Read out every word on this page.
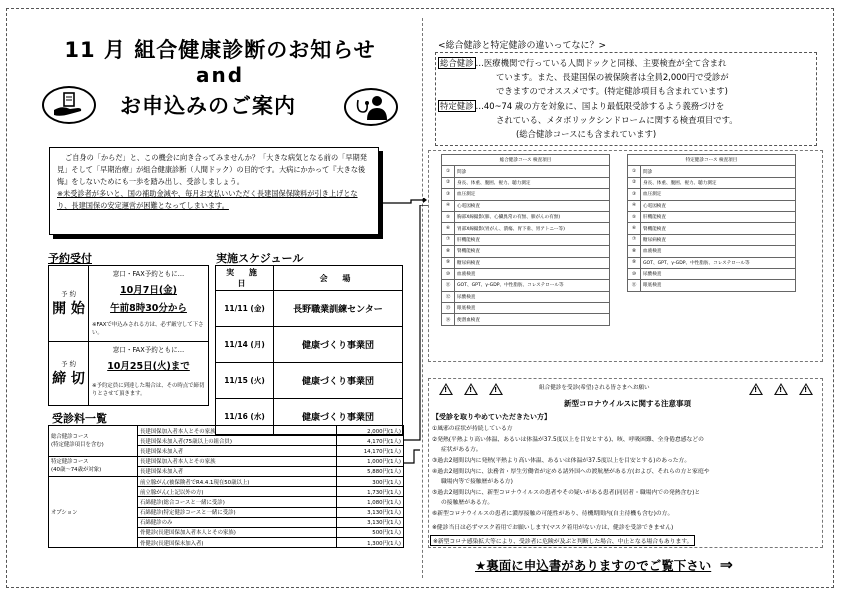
11 月 組合健康診断のお知らせ
and
お申込みのご案内

ご自身の「からだ」と、この機会に向き合ってみませんか？「大きな病気となる前の「早期発見」そして「早期治療」が組合健康診断（人間ドック）の目的です。大病にかかって『大きな後悔』をしないためにも一歩を踏み出し、受診しましょう。

※未受診者が多いと、国の補助金減や、毎月お支払いいただく長建国保保険料が引き上げとなり、長建国保の安定運営が困難となってしまいます。

予約受付
予 約
開 始	窓口・FAX予約ともに…
	10月7日(金)
	午前8時30分から
	※FAXで申込みされる方は、必ず厳守して下さい。

予 約
締 切	窓口・FAX予約ともに…
	10月25日(火)まで
	※予約定員に到達した場合は、その時点で締切りとさせて頂きます。
実施スケジュール
実 施 日	会 場
11/11 (金)	長野職業訓練センター
11/14 (月)	健康づくり事業団
11/15 (火)	健康づくり事業団
11/16 (水)	健康づくり事業団
受診料一覧
総合健診コース
(特定健診項目を含む)	長建国保加入者本人とその家族	2,000円(1人)
	長建国保未加入者(75歳以上の組合員)	4,170円(1人)
	長建国保未加入者	14,170円(1人)
特定健診コース
(40歳～74歳が対象)	長建国保加入者本人とその家族	1,000円(1人)
	長建国保未加入者	5,880円(1人)
オプション	前立腺がん(被保険者でR4.4.1現在50歳以上)	300円(1人)
	前立腺がん(上記以外の方)	1,730円(1人)
	石綿健診(総合コースと一緒に受診)	1,080円(1人)
	石綿健診(特定健診コースと一緒に受診)	3,130円(1人)
	石綿健診のみ	3,130円(1人)
	骨健診(長建国保加入者本人とその家族)	500円(1人)
	骨健診(長建国保未加入者)	1,300円(1人)
<総合健診と特定健診の違いってなに？>
総合健診 …医療機関で行っている人間ドックと同様、主要検査が全て含まれ
ています。また、長建国保の被保険者は全員2,000円で受診が
できますのでオススメです。(特定健診項目も含まれています)
特定健診 …40~74 歳の方を対象に、国より最低限受診するよう義務づけを
されている、メタボリックシンドロームに関する検査項目です。
(総合健診コースにも含まれています)
総合健診コース 検査項目	
①	問診
②	身長、体重、腹囲、視力、聴力測定
③	血圧測定
④	心電図検査
⑤	胸部X線撮影(肺、心臓異常の有無、肺がんの有無)
⑥	胃部X線撮影(胃がん、潰瘍、胃下垂、胃アトニー等)
⑦	肝機能検査
⑧	腎機能検査
⑨	糖尿病検査
⑩	血液検査
⑪	GOT、GPT、γ-GDP、中性脂肪、コレステロール等
⑫	尿酸検査
⑬	眼底検査
⑭	便潜血検査
特定健診コース 検査項目	
①	問診
②	身長、体重、腹囲、視力、聴力測定
③	血圧測定
④	心電図検査
⑤	肝機能検査
⑥	腎機能検査
⑦	糖尿病検査
⑧	血液検査
⑨	GOT、GPT、γ-GDP、中性脂肪、コレステロール等
⑩	尿酸検査
⑪	眼底検査
組合健診を受診(希望)される皆さまへお願い
新型コロナウイルスに関する注意事項
【受診を取りやめていただきたい方】
①風邪の症状が持続している方
②発熱(平熱より高い体温、あるいは体温が37.5度以上を目安とする)、咳、呼吸困難、全身倦怠感などの
症状がある方。
③過去2週間以内に発熱(平熱より高い体温、あるいは体温が37.5度以上を目安とする)のあった方。
④過去2週間以内に、法務省・厚生労働省が定める諸外国への渡航歴がある方(および、それらの方と家庭や
職場内等で接触歴がある方)
⑤過去2週間以内に、新型コロナウイルスの患者やその疑いがある患者(同居者・職場内での発熱含む)と
の接触歴がある方。
⑥新型コロナウイルスの患者に濃厚接触の可能性があり、待機期間内(自主待機も含む)の方。
※健診当日は必ずマスク着用でお願いします(マスク着用がない方は、健診を受診できません)
※新型コロナ感染拡大等により、受診者に危険が及ぶと判断した場合、中止となる場合もあります。
!	!	!	!	!	!
★裏面に申込書がありますのでご覧下さい ⇒
